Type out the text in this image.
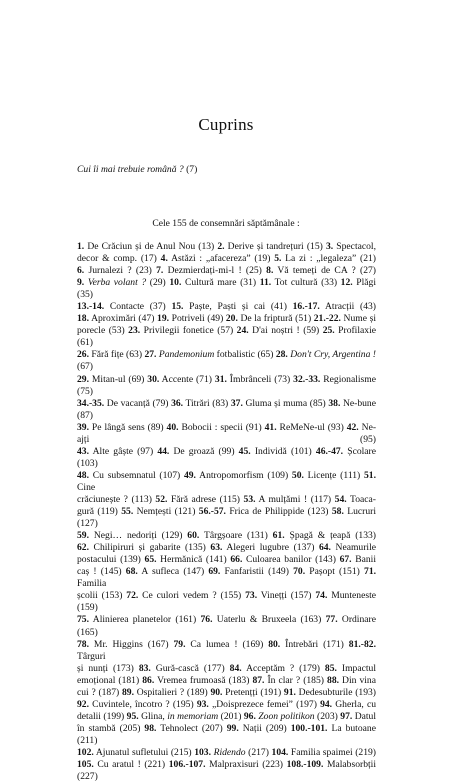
Cuprins
Cui îi mai trebuie română ? (7)
Cele 155 de consemnări săptămânale :
1. De Crăciun și de Anul Nou (13) 2. Derive și tandrețuri (15) 3. Spectacol,
decor & comp. (17) 4. Astăzi : „afacereza” (19) 5. La zi : „legaleza” (21)
6. Jurnalezi ? (23) 7. Dezmierdați-mi-l ! (25) 8. Vă temeți de CA ? (27)
9. Verba volant ? (29) 10. Cultură mare (31) 11. Tot cultură (33) 12. Plăgi (35)
13.-14. Contacte (37) 15. Paște, Paști și cai (41) 16.-17. Atracții (43)
18. Aproximări (47) 19. Potriveli (49) 20. De la friptură (51) 21.-22. Nume și
porecle (53) 23. Privilegii fonetice (57) 24. D'ai noștri ! (59) 25. Profilaxie (61)
26. Fără fițe (63) 27. Pandemonium fotbalistic (65) 28. Don't Cry, Argentina ! (67)
29. Mitan-ul (69) 30. Accente (71) 31. Îmbrânceli (73) 32.-33. Regionalisme (75)
34.-35. De vacanță (79) 36. Titrări (83) 37. Gluma și muma (85) 38. Ne-bune (87)
39. Pe lângă sens (89) 40. Bobocii : specii (91) 41. ReMeNe-ul (93) 42. Ne-ajți (95)
43. Alte gâște (97) 44. De groază (99) 45. Individă (101) 46.-47. Școlare (103)
48. Cu subsemnatul (107) 49. Antropomorfism (109) 50. Licențe (111) 51. Cine
crăciunește ? (113) 52. Fără adrese (115) 53. A mulțămi ! (117) 54. Toaca-
gură (119) 55. Nemțești (121) 56.-57. Frica de Philippide (123) 58. Lucruri (127)
59. Negi… nedoriți (129) 60. Târgșoare (131) 61. Șpagă & țeapă (133)
62. Chilipiruri și gabarite (135) 63. Alegeri lugubre (137) 64. Neamurile
postacului (139) 65. Hermănică (141) 66. Culoarea banilor (143) 67. Banii
caș ! (145) 68. A sufleca (147) 69. Fanfaristii (149) 70. Pașopt (151) 71. Familia
școlii (153) 72. Ce culori vedem ? (155) 73. Vinețți (157) 74. Munteneste (159)
75. Alinierea planetelor (161) 76. Uaterlu & Bruxeela (163) 77. Ordinare (165)
78. Mr. Higgins (167) 79. Ca lumea ! (169) 80. Întrebări (171) 81.-82. Târguri
și nunți (173) 83. Gură-cască (177) 84. Acceptăm ? (179) 85. Impactul
emoțional (181) 86. Vremea frumoasă (183) 87. În clar ? (185) 88. Din vina
cui ? (187) 89. Ospitalieri ? (189) 90. Pretențți (191) 91. Dedesubturile (193)
92. Cuvintele, încotro ? (195) 93. „Doisprezece femei” (197) 94. Gherla, cu
detalii (199) 95. Glina, in memoriam (201) 96. Zoon politikon (203) 97. Datul
în stambă (205) 98. Tehnolect (207) 99. Nații (209) 100.-101. La butoane (211)
102. Ajunatul sufletului (215) 103. Ridendo (217) 104. Familia spaimei (219)
105. Cu aratul ! (221) 106.-107. Malpraxisuri (223) 108.-109. Malabsorbții (227)
